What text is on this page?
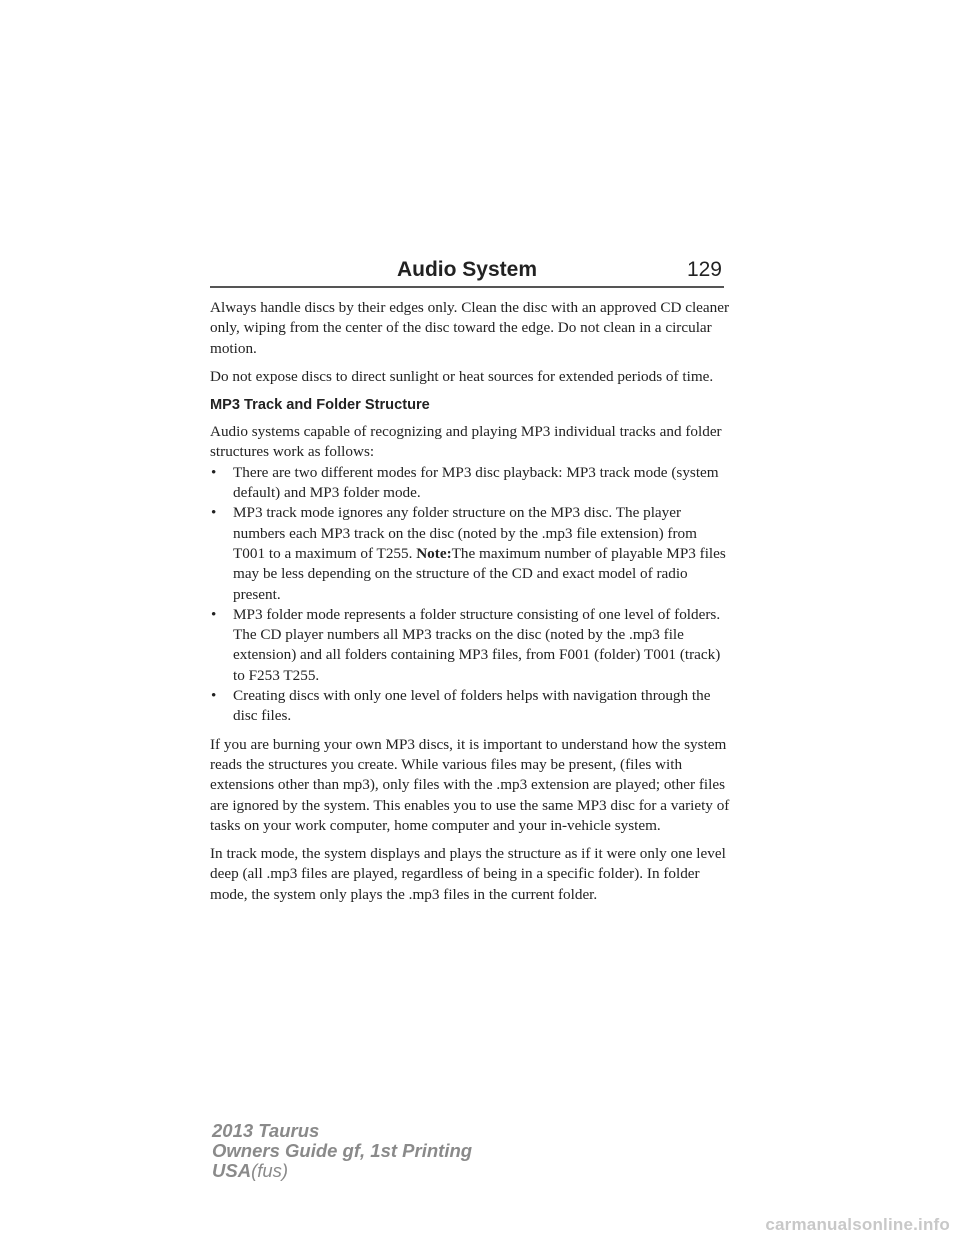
Audio System	129

Always handle discs by their edges only. Clean the disc with an approved CD cleaner only, wiping from the center of the disc toward the edge. Do not clean in a circular motion.

Do not expose discs to direct sunlight or heat sources for extended periods of time.

MP3 Track and Folder Structure

Audio systems capable of recognizing and playing MP3 individual tracks and folder structures work as follows:

• There are two different modes for MP3 disc playback: MP3 track mode (system default) and MP3 folder mode.
• MP3 track mode ignores any folder structure on the MP3 disc. The player numbers each MP3 track on the disc (noted by the .mp3 file extension) from T001 to a maximum of T255. Note:The maximum number of playable MP3 files may be less depending on the structure of the CD and exact model of radio present.
• MP3 folder mode represents a folder structure consisting of one level of folders. The CD player numbers all MP3 tracks on the disc (noted by the .mp3 file extension) and all folders containing MP3 files, from F001 (folder) T001 (track) to F253 T255.
• Creating discs with only one level of folders helps with navigation through the disc files.

If you are burning your own MP3 discs, it is important to understand how the system reads the structures you create. While various files may be present, (files with extensions other than mp3), only files with the .mp3 extension are played; other files are ignored by the system. This enables you to use the same MP3 disc for a variety of tasks on your work computer, home computer and your in-vehicle system.

In track mode, the system displays and plays the structure as if it were only one level deep (all .mp3 files are played, regardless of being in a specific folder). In folder mode, the system only plays the .mp3 files in the current folder.

2013 Taurus
Owners Guide gf, 1st Printing
USA(fus)
carmanualsonline.info
